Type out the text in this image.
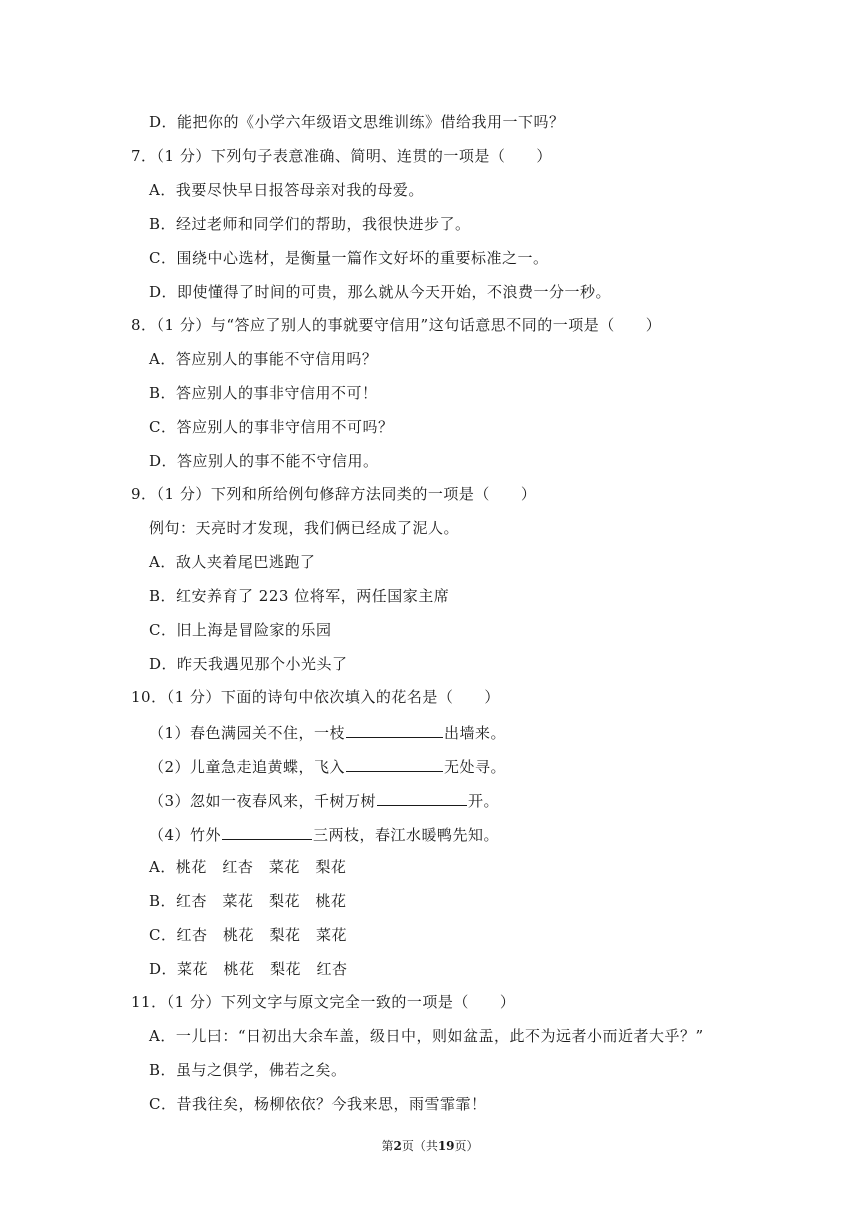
D．能把你的《小学六年级语文思维训练》借给我用一下吗？
7．（1 分）下列句子表意准确、简明、连贯的一项是（　　）
A．我要尽快早日报答母亲对我的母爱。
B．经过老师和同学们的帮助，我很快进步了。
C．围绕中心选材，是衡量一篇作文好坏的重要标准之一。
D．即使懂得了时间的可贵，那么就从今天开始，不浪费一分一秒。
8．（1 分）与“答应了别人的事就要守信用”这句话意思不同的一项是（　　）
A．答应别人的事能不守信用吗？
B．答应别人的事非守信用不可！
C．答应别人的事非守信用不可吗？
D．答应别人的事不能不守信用。
9．（1 分）下列和所给例句修辞方法同类的一项是（　　）
例句：天亮时才发现，我们俩已经成了泥人。
A．敌人夹着尾巴逃跑了
B．红安养育了 223 位将军，两任国家主席
C．旧上海是冒险家的乐园
D．昨天我遇见那个小光头了
10．（1 分）下面的诗句中依次填入的花名是（　　）
（1）春色满园关不住，一枝	出墙来。
（2）儿童急走追黄蝶，飞入	无处寻。
（3）忽如一夜春风来，千树万树	开。
（4）竹外	三两枝，春江水暖鸭先知。
A．桃花　红杏　菜花　梨花
B．红杏　菜花　梨花　桃花
C．红杏　桃花　梨花　菜花
D．菜花　桃花　梨花　红杏
11．（1 分）下列文字与原文完全一致的一项是（　　）
A．一儿曰：“日初出大余车盖，级日中，则如盆盂，此不为远者小而近者大乎？”
B．虽与之俱学，佛若之矣。
C．昔我往矣，杨柳依依？今我来思，雨雪霏霏！
第2页（共19页）
